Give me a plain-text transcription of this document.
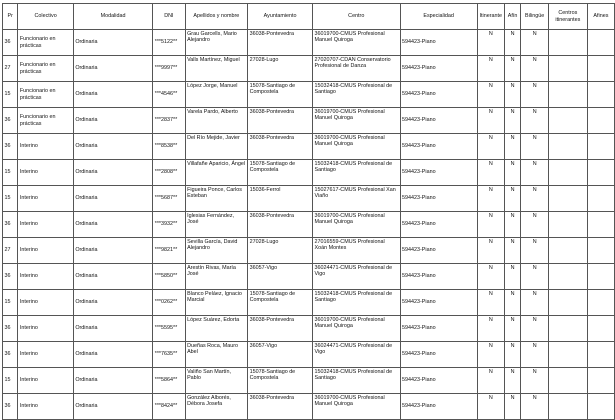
Pr	Colectivo	Modalidad	DNI	Apellidos y nombre	Ayuntamiento	Centro	Especialidad	Itinerante	Afín	Bilingüe	Centros itinerantes	Afines
36	Funcionario en prácticas	Ordinaria	***5122**	Grau Garcells, Mario Alejandro	36038-Pontevedra	36019700-CMUS Profesional Manuel Quiroga	594423-Piano	N	N	N		
27	Funcionario en prácticas	Ordinaria	***9997**	Valls Martínez, Miguel	27028-Lugo	27020707-CDAN Conservatorio Profesional de Danza	594423-Piano	N	N	N		
15	Funcionario en prácticas	Ordinaria	***4546**	López Jorge, Manuel	15078-Santiago de Compostela	15032418-CMUS Profesional de Santiago	594423-Piano	N	N	N		
36	Funcionario en prácticas	Ordinaria	***2837**	Varela Pardo, Alberto	36038-Pontevedra	36019700-CMUS Profesional Manuel Quiroga	594423-Piano	N	N	N		
36	Interino	Ordinaria	***8538**	Del Río Mejide, Javier	36038-Pontevedra	36019700-CMUS Profesional Manuel Quiroga	594423-Piano	N	N	N		
15	Interino	Ordinaria	***2808**	Villafañe Aparicio, Ángel	15078-Santiago de Compostela	15032418-CMUS Profesional de Santiago	594423-Piano	N	N	N		
15	Interino	Ordinaria	***5687**	Figueira Ponce, Carlos Esteban	15036-Ferrol	15027617-CMUS Profesional Xan Viaño	594423-Piano	N	N	N		
36	Interino	Ordinaria	***3932**	Iglesias Fernández, José	36038-Pontevedra	36019700-CMUS Profesional Manuel Quiroga	594423-Piano	N	N	N		
27	Interino	Ordinaria	***9821**	Sevilla García, David Alejandro	27028-Lugo	27016559-CMUS Profesional Xoán Montes	594423-Piano	N	N	N		
36	Interino	Ordinaria	***5850**	Arestín Rivas, María José	36057-Vigo	36024471-CMUS Profesional de Vigo	594423-Piano	N	N	N		
15	Interino	Ordinaria	***0262**	Blanco Peláez, Ignacio Marcial	15078-Santiago de Compostela	15032418-CMUS Profesional de Santiago	594423-Piano	N	N	N		
36	Interino	Ordinaria	***5595**	López Suárez, Edorta	36038-Pontevedra	36019700-CMUS Profesional Manuel Quiroga	594423-Piano	N	N	N		
36	Interino	Ordinaria	***7635**	Dueñas Roca, Mauro Abel	36057-Vigo	36024471-CMUS Profesional de Vigo	594423-Piano	N	N	N		
15	Interino	Ordinaria	***5864**	Valiño San Martín, Pablo	15078-Santiago de Compostela	15032418-CMUS Profesional de Santiago	594423-Piano	N	N	N		
36	Interino	Ordinaria	***8424**	González Alborés, Débora Josefa	36038-Pontevedra	36019700-CMUS Profesional Manuel Quiroga	594423-Piano	N	N	N		
